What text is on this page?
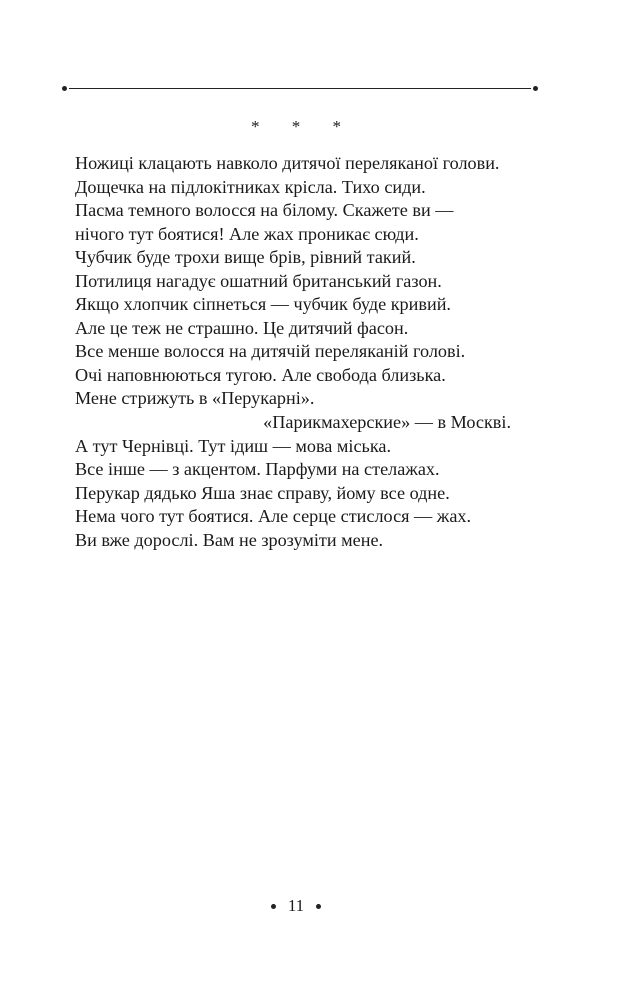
* * *
Ножиці клацають навколо дитячої переляканої голови.
Дощечка на підлокітниках крісла. Тихо сиди.
Пасма темного волосся на білому. Скажете ви —
нічого тут боятися! Але жах проникає сюди.
Чубчик буде трохи вище брів, рівний такий.
Потилиця нагадує ошатний британський газон.
Якщо хлопчик сіпнеться — чубчик буде кривий.
Але це теж не страшно. Це дитячий фасон.
Все менше волосся на дитячій переляканій голові.
Очі наповнюються тугою. Але свобода близька.
Мене стрижуть в «Перукарні».
«Парикмахерские» — в Москві.
А тут Чернівці. Тут ідиш — мова міська.
Все інше — з акцентом. Парфуми на стелажах.
Перукар дядько Яша знає справу, йому все одне.
Нема чого тут боятися. Але серце стислося — жах.
Ви вже дорослі. Вам не зрозуміти мене.
11
